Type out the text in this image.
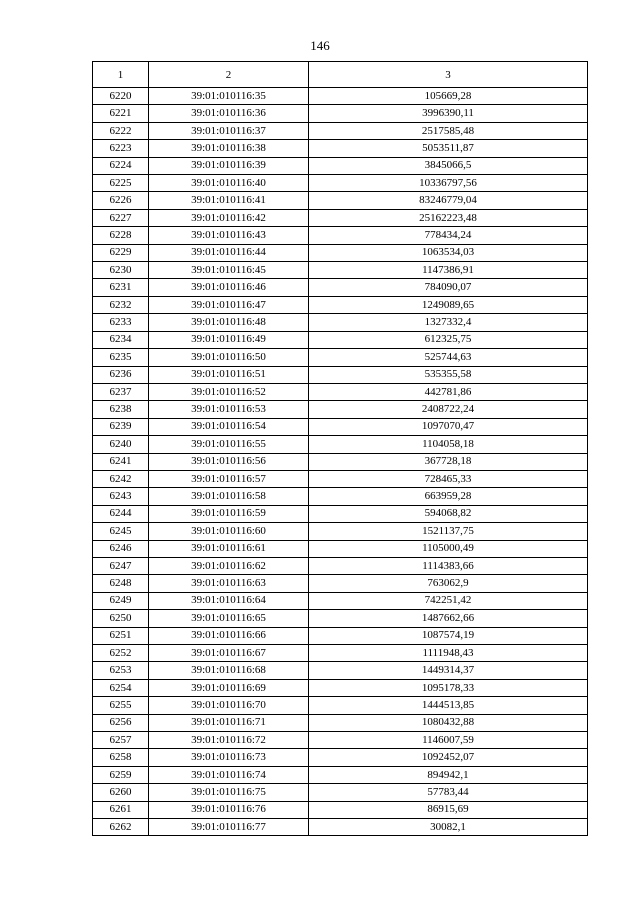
146
1	2	3
6220	39:01:010116:35	105669,28
6221	39:01:010116:36	3996390,11
6222	39:01:010116:37	2517585,48
6223	39:01:010116:38	5053511,87
6224	39:01:010116:39	3845066,5
6225	39:01:010116:40	10336797,56
6226	39:01:010116:41	83246779,04
6227	39:01:010116:42	25162223,48
6228	39:01:010116:43	778434,24
6229	39:01:010116:44	1063534,03
6230	39:01:010116:45	1147386,91
6231	39:01:010116:46	784090,07
6232	39:01:010116:47	1249089,65
6233	39:01:010116:48	1327332,4
6234	39:01:010116:49	612325,75
6235	39:01:010116:50	525744,63
6236	39:01:010116:51	535355,58
6237	39:01:010116:52	442781,86
6238	39:01:010116:53	2408722,24
6239	39:01:010116:54	1097070,47
6240	39:01:010116:55	1104058,18
6241	39:01:010116:56	367728,18
6242	39:01:010116:57	728465,33
6243	39:01:010116:58	663959,28
6244	39:01:010116:59	594068,82
6245	39:01:010116:60	1521137,75
6246	39:01:010116:61	1105000,49
6247	39:01:010116:62	1114383,66
6248	39:01:010116:63	763062,9
6249	39:01:010116:64	742251,42
6250	39:01:010116:65	1487662,66
6251	39:01:010116:66	1087574,19
6252	39:01:010116:67	1111948,43
6253	39:01:010116:68	1449314,37
6254	39:01:010116:69	1095178,33
6255	39:01:010116:70	1444513,85
6256	39:01:010116:71	1080432,88
6257	39:01:010116:72	1146007,59
6258	39:01:010116:73	1092452,07
6259	39:01:010116:74	894942,1
6260	39:01:010116:75	57783,44
6261	39:01:010116:76	86915,69
6262	39:01:010116:77	30082,1
